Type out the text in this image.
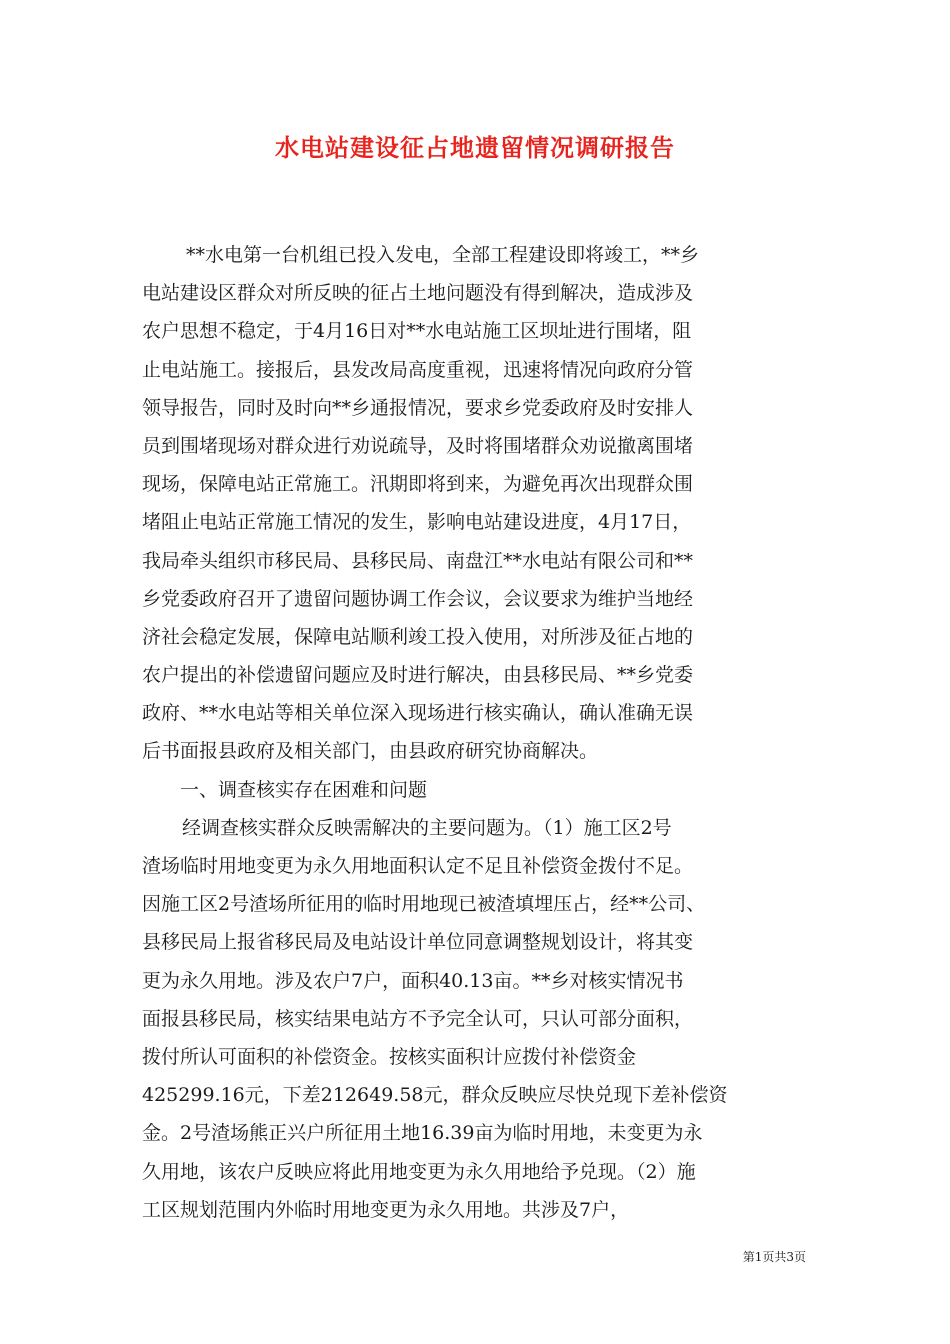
水电站建设征占地遗留情况调研报告
**水电第一台机组已投入发电，全部工程建设即将竣工，**乡
电站建设区群众对所反映的征占土地问题没有得到解决，造成涉及
农户思想不稳定，于4月16日对**水电站施工区坝址进行围堵，阻
止电站施工。接报后，县发改局高度重视，迅速将情况向政府分管
领导报告，同时及时向**乡通报情况，要求乡党委政府及时安排人
员到围堵现场对群众进行劝说疏导，及时将围堵群众劝说撤离围堵
现场，保障电站正常施工。汛期即将到来，为避免再次出现群众围
堵阻止电站正常施工情况的发生，影响电站建设进度，4月17日，
我局牵头组织市移民局、县移民局、南盘江**水电站有限公司和**
乡党委政府召开了遗留问题协调工作会议，会议要求为维护当地经
济社会稳定发展，保障电站顺利竣工投入使用，对所涉及征占地的
农户提出的补偿遗留问题应及时进行解决，由县移民局、**乡党委
政府、**水电站等相关单位深入现场进行核实确认，确认准确无误
后书面报县政府及相关部门，由县政府研究协商解决。
一、调查核实存在困难和问题
经调查核实群众反映需解决的主要问题为。（1）施工区2号
渣场临时用地变更为永久用地面积认定不足且补偿资金拨付不足。
因施工区2号渣场所征用的临时用地现已被渣填埋压占，经**公司、
县移民局上报省移民局及电站设计单位同意调整规划设计，将其变
更为永久用地。涉及农户7户，面积40.13亩。**乡对核实情况书
面报县移民局，核实结果电站方不予完全认可，只认可部分面积，
拨付所认可面积的补偿资金。按核实面积计应拨付补偿资金
425299.16元，下差212649.58元，群众反映应尽快兑现下差补偿资
金。2号渣场熊正兴户所征用土地16.39亩为临时用地，未变更为永
久用地，该农户反映应将此用地变更为永久用地给予兑现。（2）施
工区规划范围内外临时用地变更为永久用地。共涉及7户，
第1页共3页
